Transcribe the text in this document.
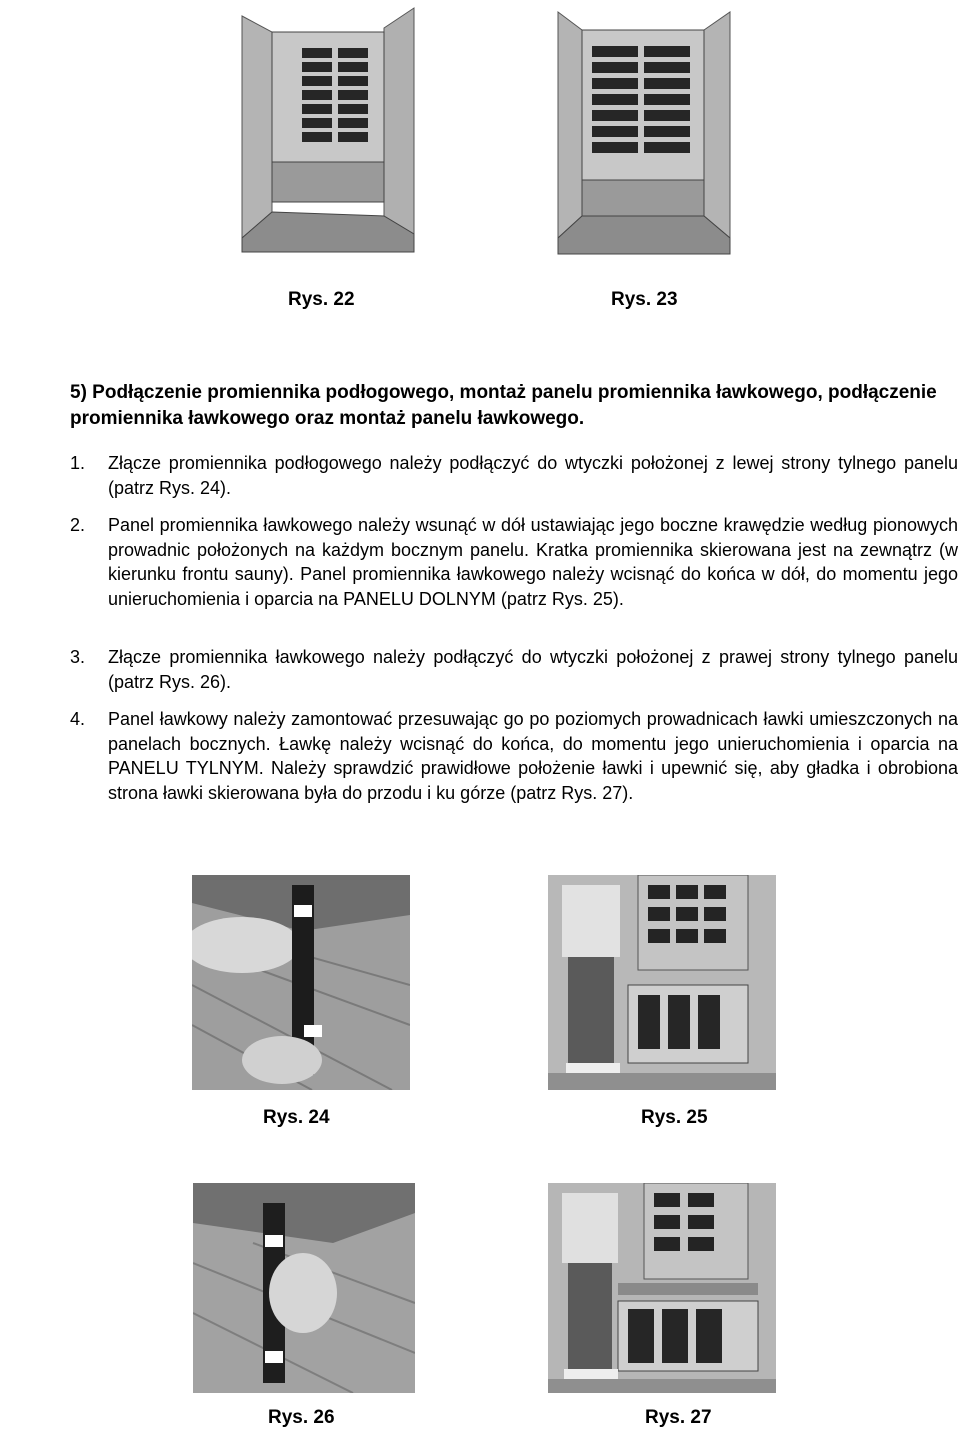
Rys. 22	Rys. 23
5) Podłączenie promiennika podłogowego, montaż panelu promiennika ławkowego, podłączenie promiennika ławkowego oraz montaż panelu ławkowego.
1. Złącze promiennika podłogowego należy podłączyć do wtyczki położonej z lewej strony tylnego panelu (patrz Rys. 24).
2. Panel promiennika ławkowego należy wsunąć w dół ustawiając jego boczne krawędzie według pionowych prowadnic położonych na każdym bocznym panelu. Kratka promiennika skierowana jest na zewnątrz (w kierunku frontu sauny). Panel promiennika ławkowego należy wcisnąć do końca w dół, do momentu jego unieruchomienia i oparcia na PANELU DOLNYM (patrz Rys. 25).
3. Złącze promiennika ławkowego należy podłączyć do wtyczki położonej z prawej strony tylnego panelu (patrz Rys. 26).
4. Panel ławkowy należy zamontować przesuwając go po poziomych prowadnicach ławki umieszczonych na panelach bocznych. Ławkę należy wcisnąć do końca, do momentu jego unieruchomienia i oparcia na PANELU TYLNYM. Należy sprawdzić prawidłowe położenie ławki i upewnić się, aby gładka i obrobiona strona ławki skierowana była do przodu i ku górze (patrz Rys. 27).
Rys. 24	Rys. 25
Rys. 26	Rys. 27
